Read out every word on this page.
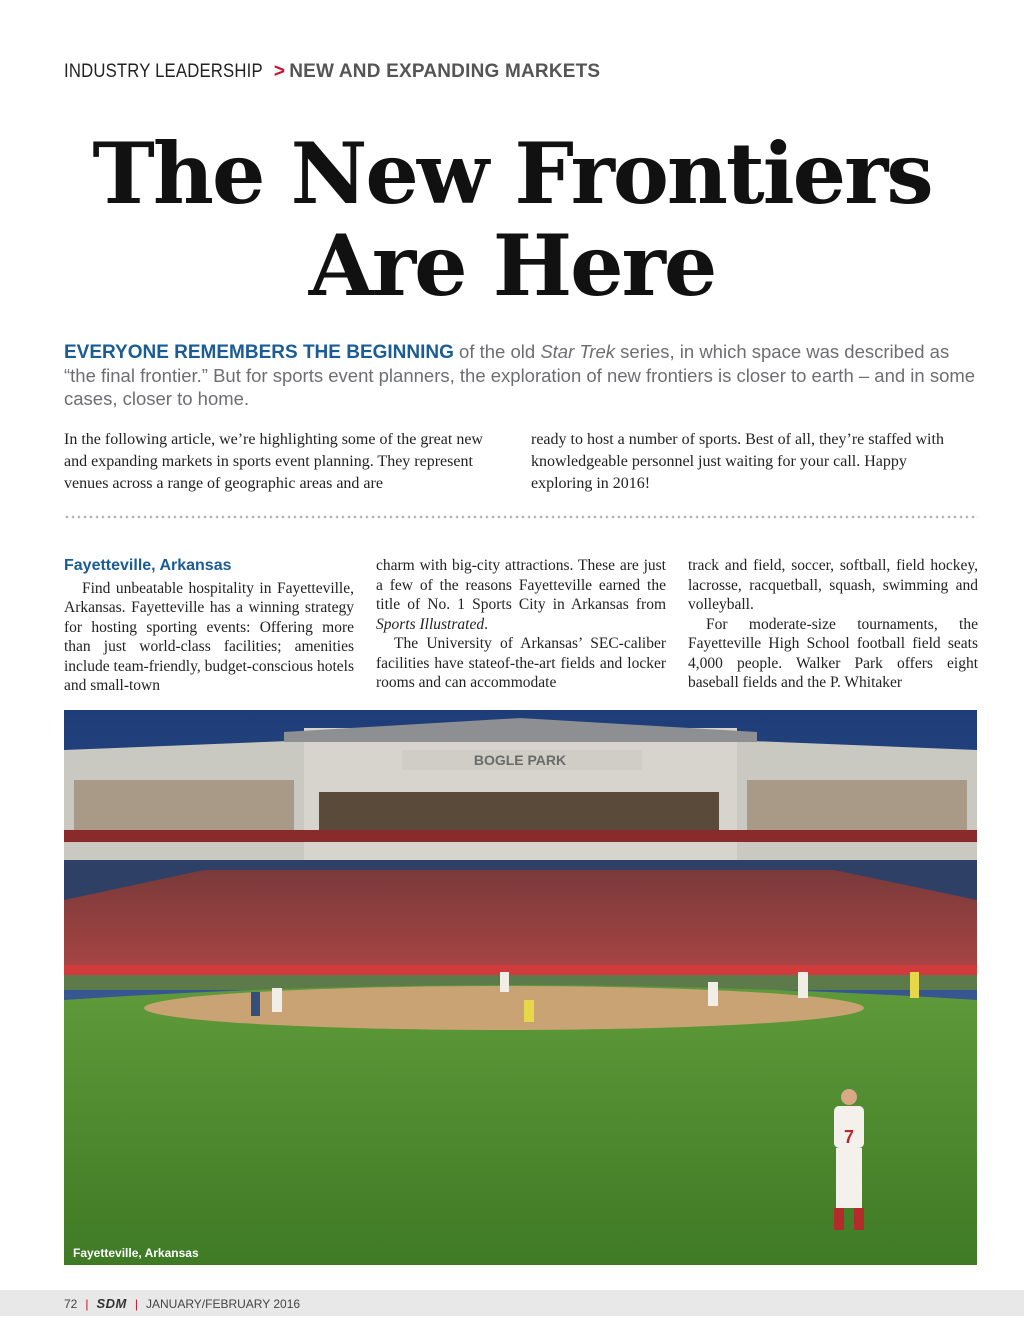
INDUSTRY LEADERSHIP > NEW AND EXPANDING MARKETS
The New Frontiers
Are Here
EVERYONE REMEMBERS THE BEGINNING of the old Star Trek series, in which space was described as “the final frontier.” But for sports event planners, the exploration of new frontiers is closer to earth – and in some cases, closer to home.
In the following article, we’re highlighting some of the great new and expanding markets in sports event planning. They represent venues across a range of geographic areas and are
ready to host a number of sports. Best of all, they’re staffed with knowledgeable personnel just waiting for your call. Happy exploring in 2016!
Fayetteville, Arkansas

Find unbeatable hospitality in Fayetteville, Arkansas. Fayetteville has a winning strategy for hosting sporting events: Offering more than just world-class facilities; amenities include team-friendly, budget-conscious hotels and small-town

charm with big-city attractions. These are just a few of the reasons Fayetteville earned the title of No. 1 Sports City in Arkansas from Sports Illustrated.

The University of Arkansas’ SEC-caliber facilities have stateof-the-art fields and locker rooms and can accommodate

track and field, soccer, softball, field hockey, lacrosse, racquetball, squash, swimming and volleyball.

For moderate-size tournaments, the Fayetteville High School football field seats 4,000 people. Walker Park offers eight baseball fields and the P. Whitaker

BOGLE PARK
7
Fayetteville, Arkansas
72 | SDM | JANUARY/FEBRUARY 2016
